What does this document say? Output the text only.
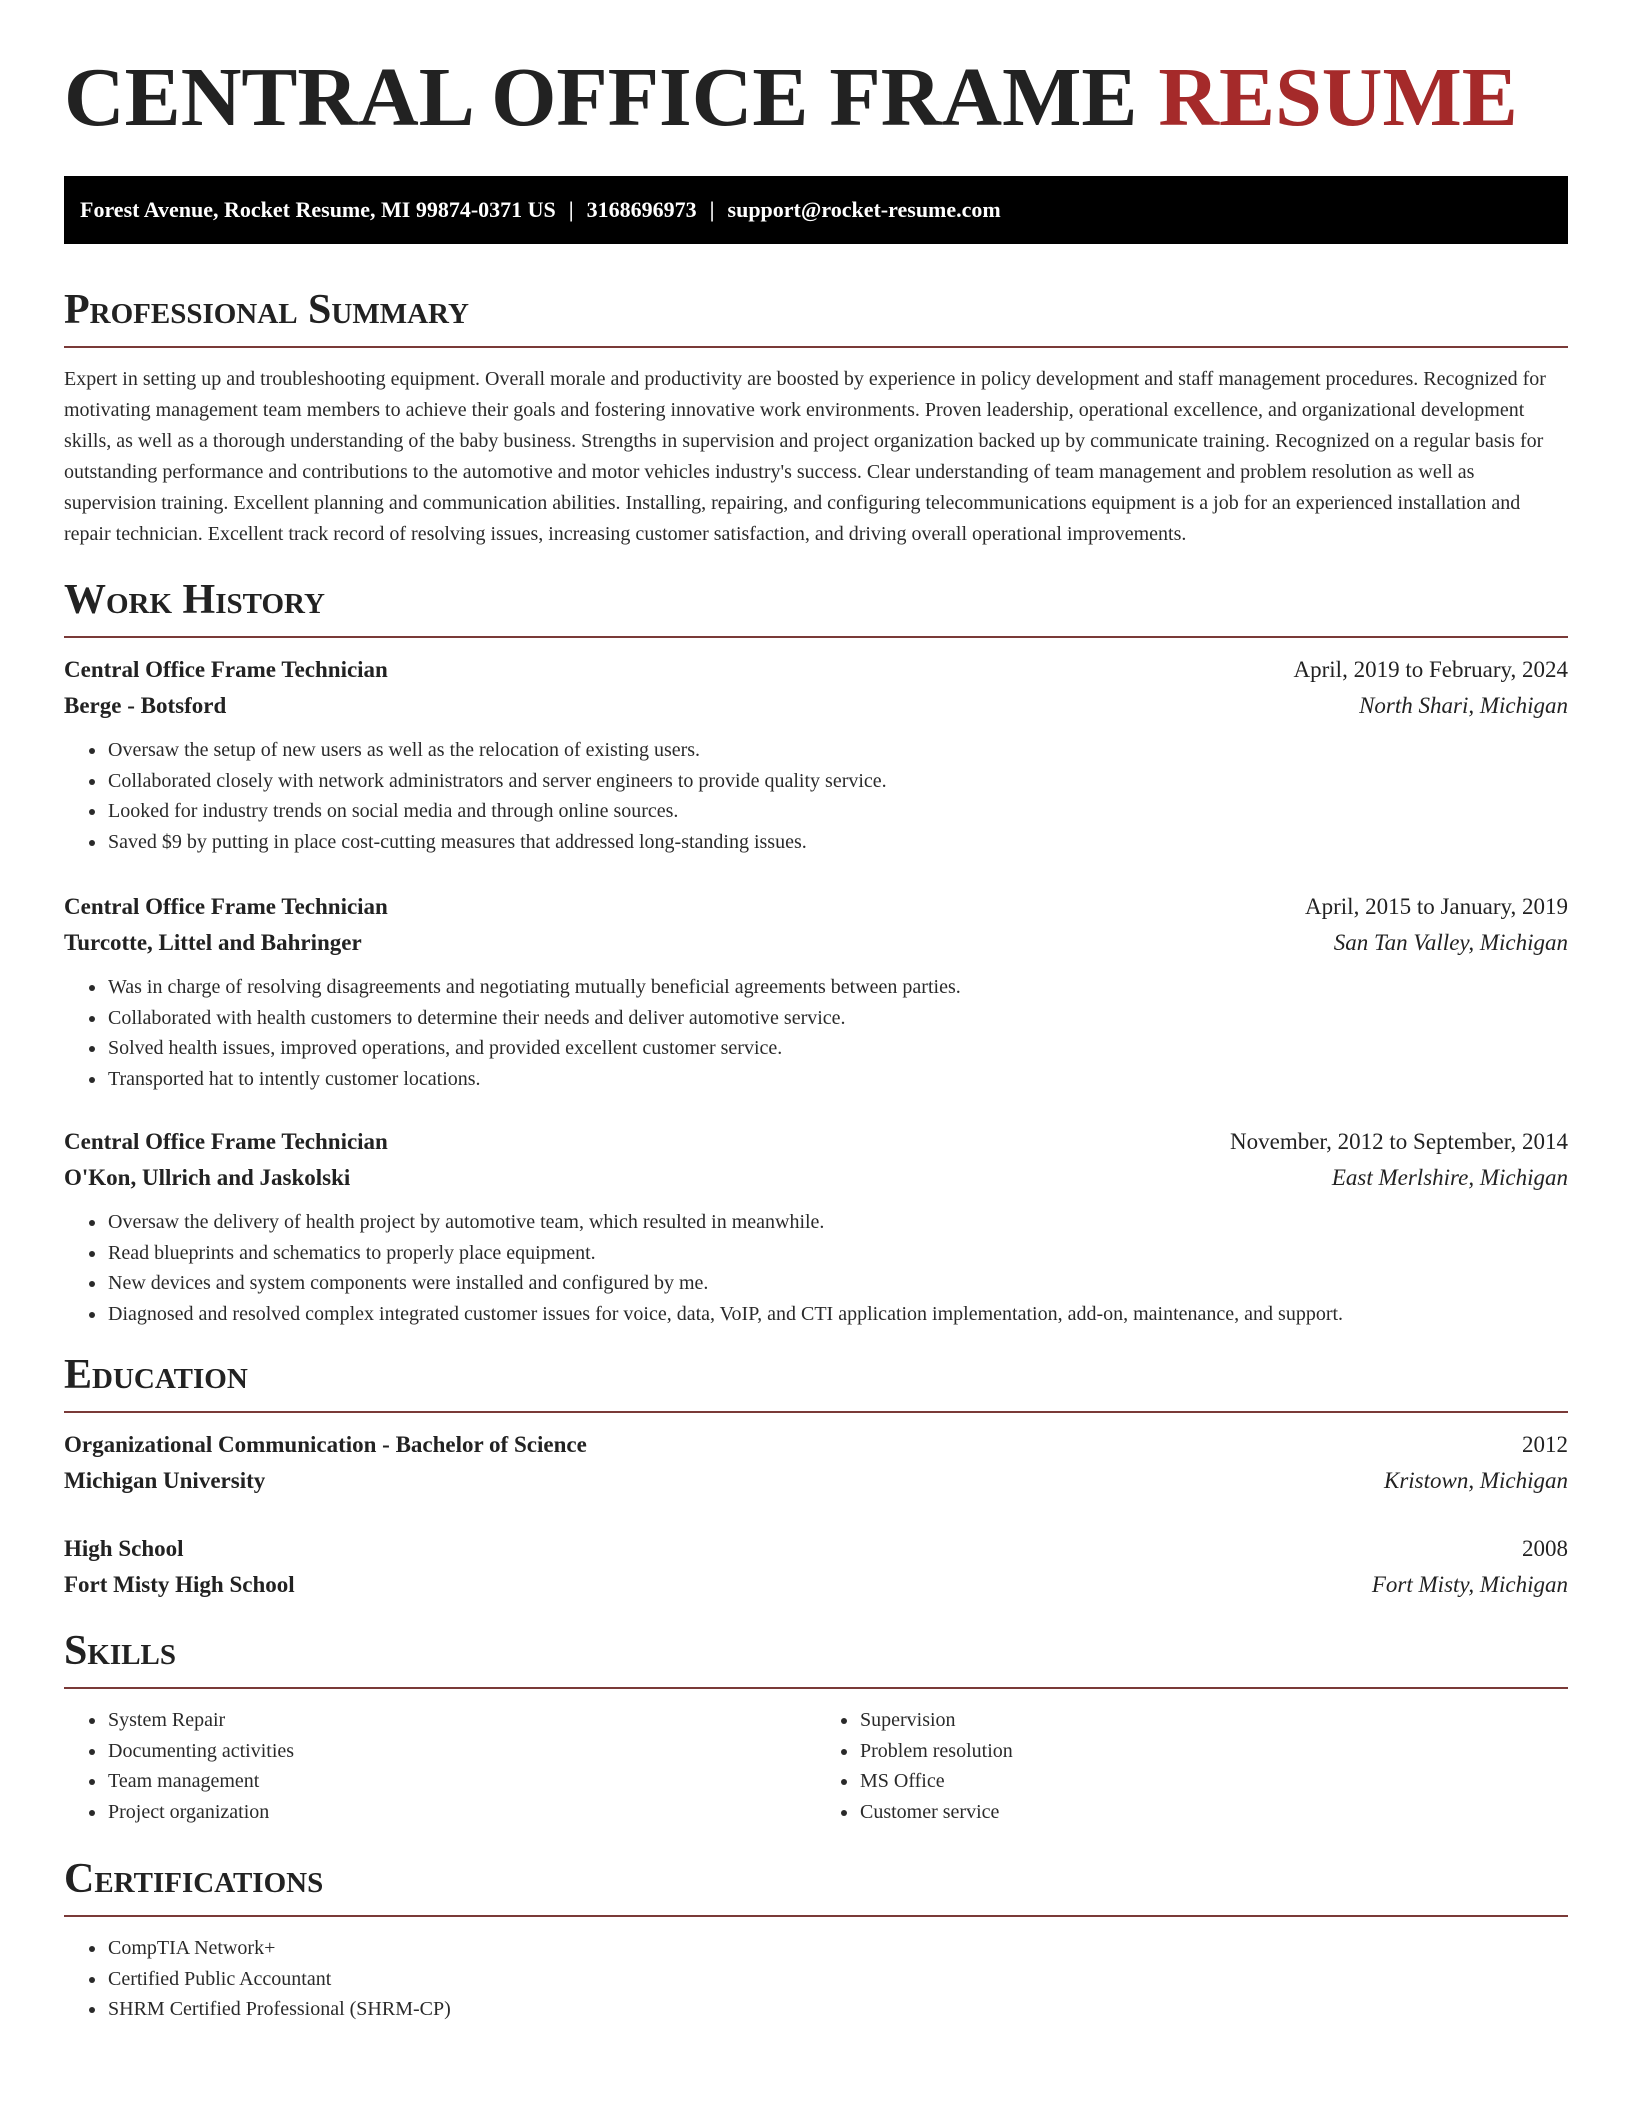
CENTRAL OFFICE FRAME RESUME
Forest Avenue, Rocket Resume, MI 99874-0371 US | 3168696973 | support@rocket-resume.com
Professional Summary

Expert in setting up and troubleshooting equipment. Overall morale and productivity are boosted by experience in policy development and staff management procedures. Recognized for motivating management team members to achieve their goals and fostering innovative work environments. Proven leadership, operational excellence, and organizational development skills, as well as a thorough understanding of the baby business. Strengths in supervision and project organization backed up by communicate training. Recognized on a regular basis for outstanding performance and contributions to the automotive and motor vehicles industry's success. Clear understanding of team management and problem resolution as well as supervision training. Excellent planning and communication abilities. Installing, repairing, and configuring telecommunications equipment is a job for an experienced installation and repair technician. Excellent track record of resolving issues, increasing customer satisfaction, and driving overall operational improvements.

Work History
Central Office Frame Technician	April, 2019 to February, 2024
Berge - Botsford	North Shari, Michigan
• Oversaw the setup of new users as well as the relocation of existing users.
• Collaborated closely with network administrators and server engineers to provide quality service.
• Looked for industry trends on social media and through online sources.
• Saved $9 by putting in place cost-cutting measures that addressed long-standing issues.
Central Office Frame Technician	April, 2015 to January, 2019
Turcotte, Littel and Bahringer	San Tan Valley, Michigan
• Was in charge of resolving disagreements and negotiating mutually beneficial agreements between parties.
• Collaborated with health customers to determine their needs and deliver automotive service.
• Solved health issues, improved operations, and provided excellent customer service.
• Transported hat to intently customer locations.
Central Office Frame Technician	November, 2012 to September, 2014
O'Kon, Ullrich and Jaskolski	East Merlshire, Michigan
• Oversaw the delivery of health project by automotive team, which resulted in meanwhile.
• Read blueprints and schematics to properly place equipment.
• New devices and system components were installed and configured by me.
• Diagnosed and resolved complex integrated customer issues for voice, data, VoIP, and CTI application implementation, add-on, maintenance, and support.
Education
Organizational Communication - Bachelor of Science	2012
Michigan University	Kristown, Michigan
High School	2008
Fort Misty High School	Fort Misty, Michigan
Skills
• System Repair
• Documenting activities
• Team management
• Project organization
• Supervision
• Problem resolution
• MS Office
• Customer service
Certifications
• CompTIA Network+
• Certified Public Accountant
• SHRM Certified Professional (SHRM-CP)
